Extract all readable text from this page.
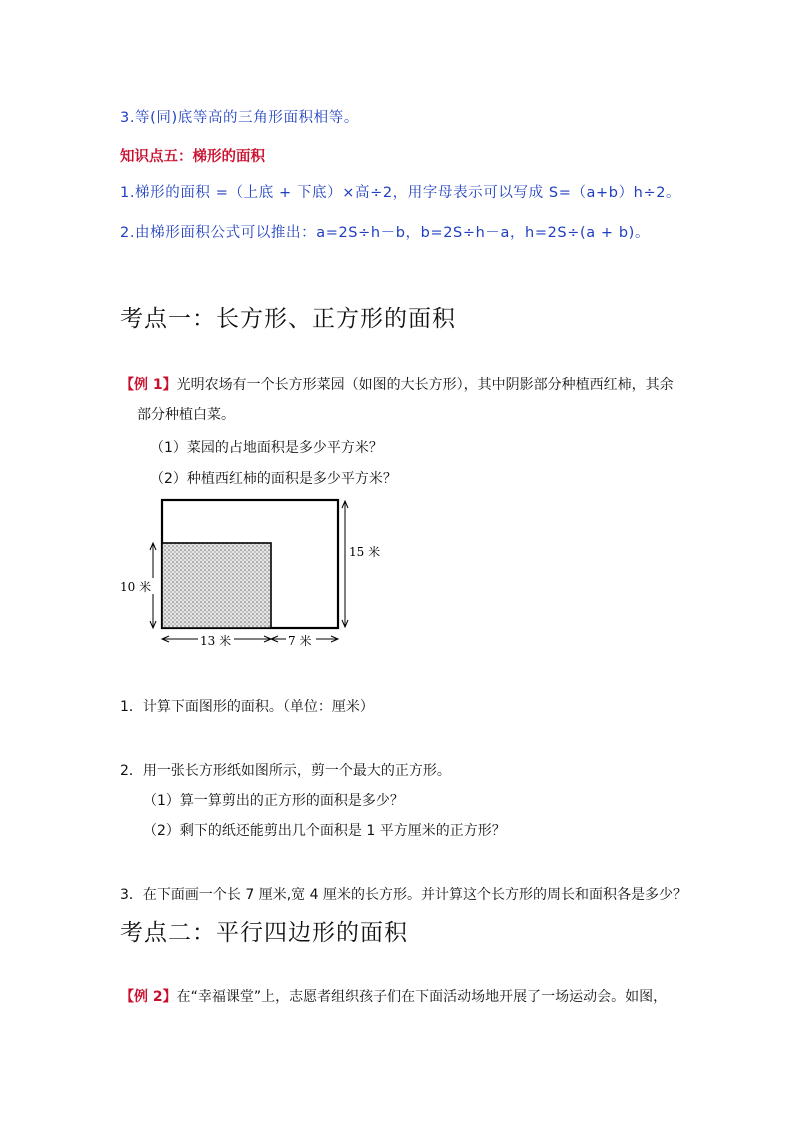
3.等(同)底等高的三角形面积相等。
知识点五：梯形的面积
1.梯形的面积 =（上底 + 下底）×高÷2，用字母表示可以写成 S=（a+b）h÷2。
2.由梯形面积公式可以推出：a=2S÷h－b，b=2S÷h－a，h=2S÷(a + b)。
考点一：长方形、正方形的面积
【例 1】光明农场有一个长方形菜园（如图的大长方形），其中阴影部分种植西红柿，其余
部分种植白菜。
（1）菜园的占地面积是多少平方米？
（2）种植西红柿的面积是多少平方米？
15 米
10 米
13 米	7 米
1．计算下面图形的面积。（单位：厘米）
2．用一张长方形纸如图所示，剪一个最大的正方形。
（1）算一算剪出的正方形的面积是多少？
（2）剩下的纸还能剪出几个面积是 1 平方厘米的正方形？
3．在下面画一个长 7 厘米,宽 4 厘米的长方形。并计算这个长方形的周长和面积各是多少？
考点二：平行四边形的面积
【例 2】在“幸福课堂”上，志愿者组织孩子们在下面活动场地开展了一场运动会。如图，
